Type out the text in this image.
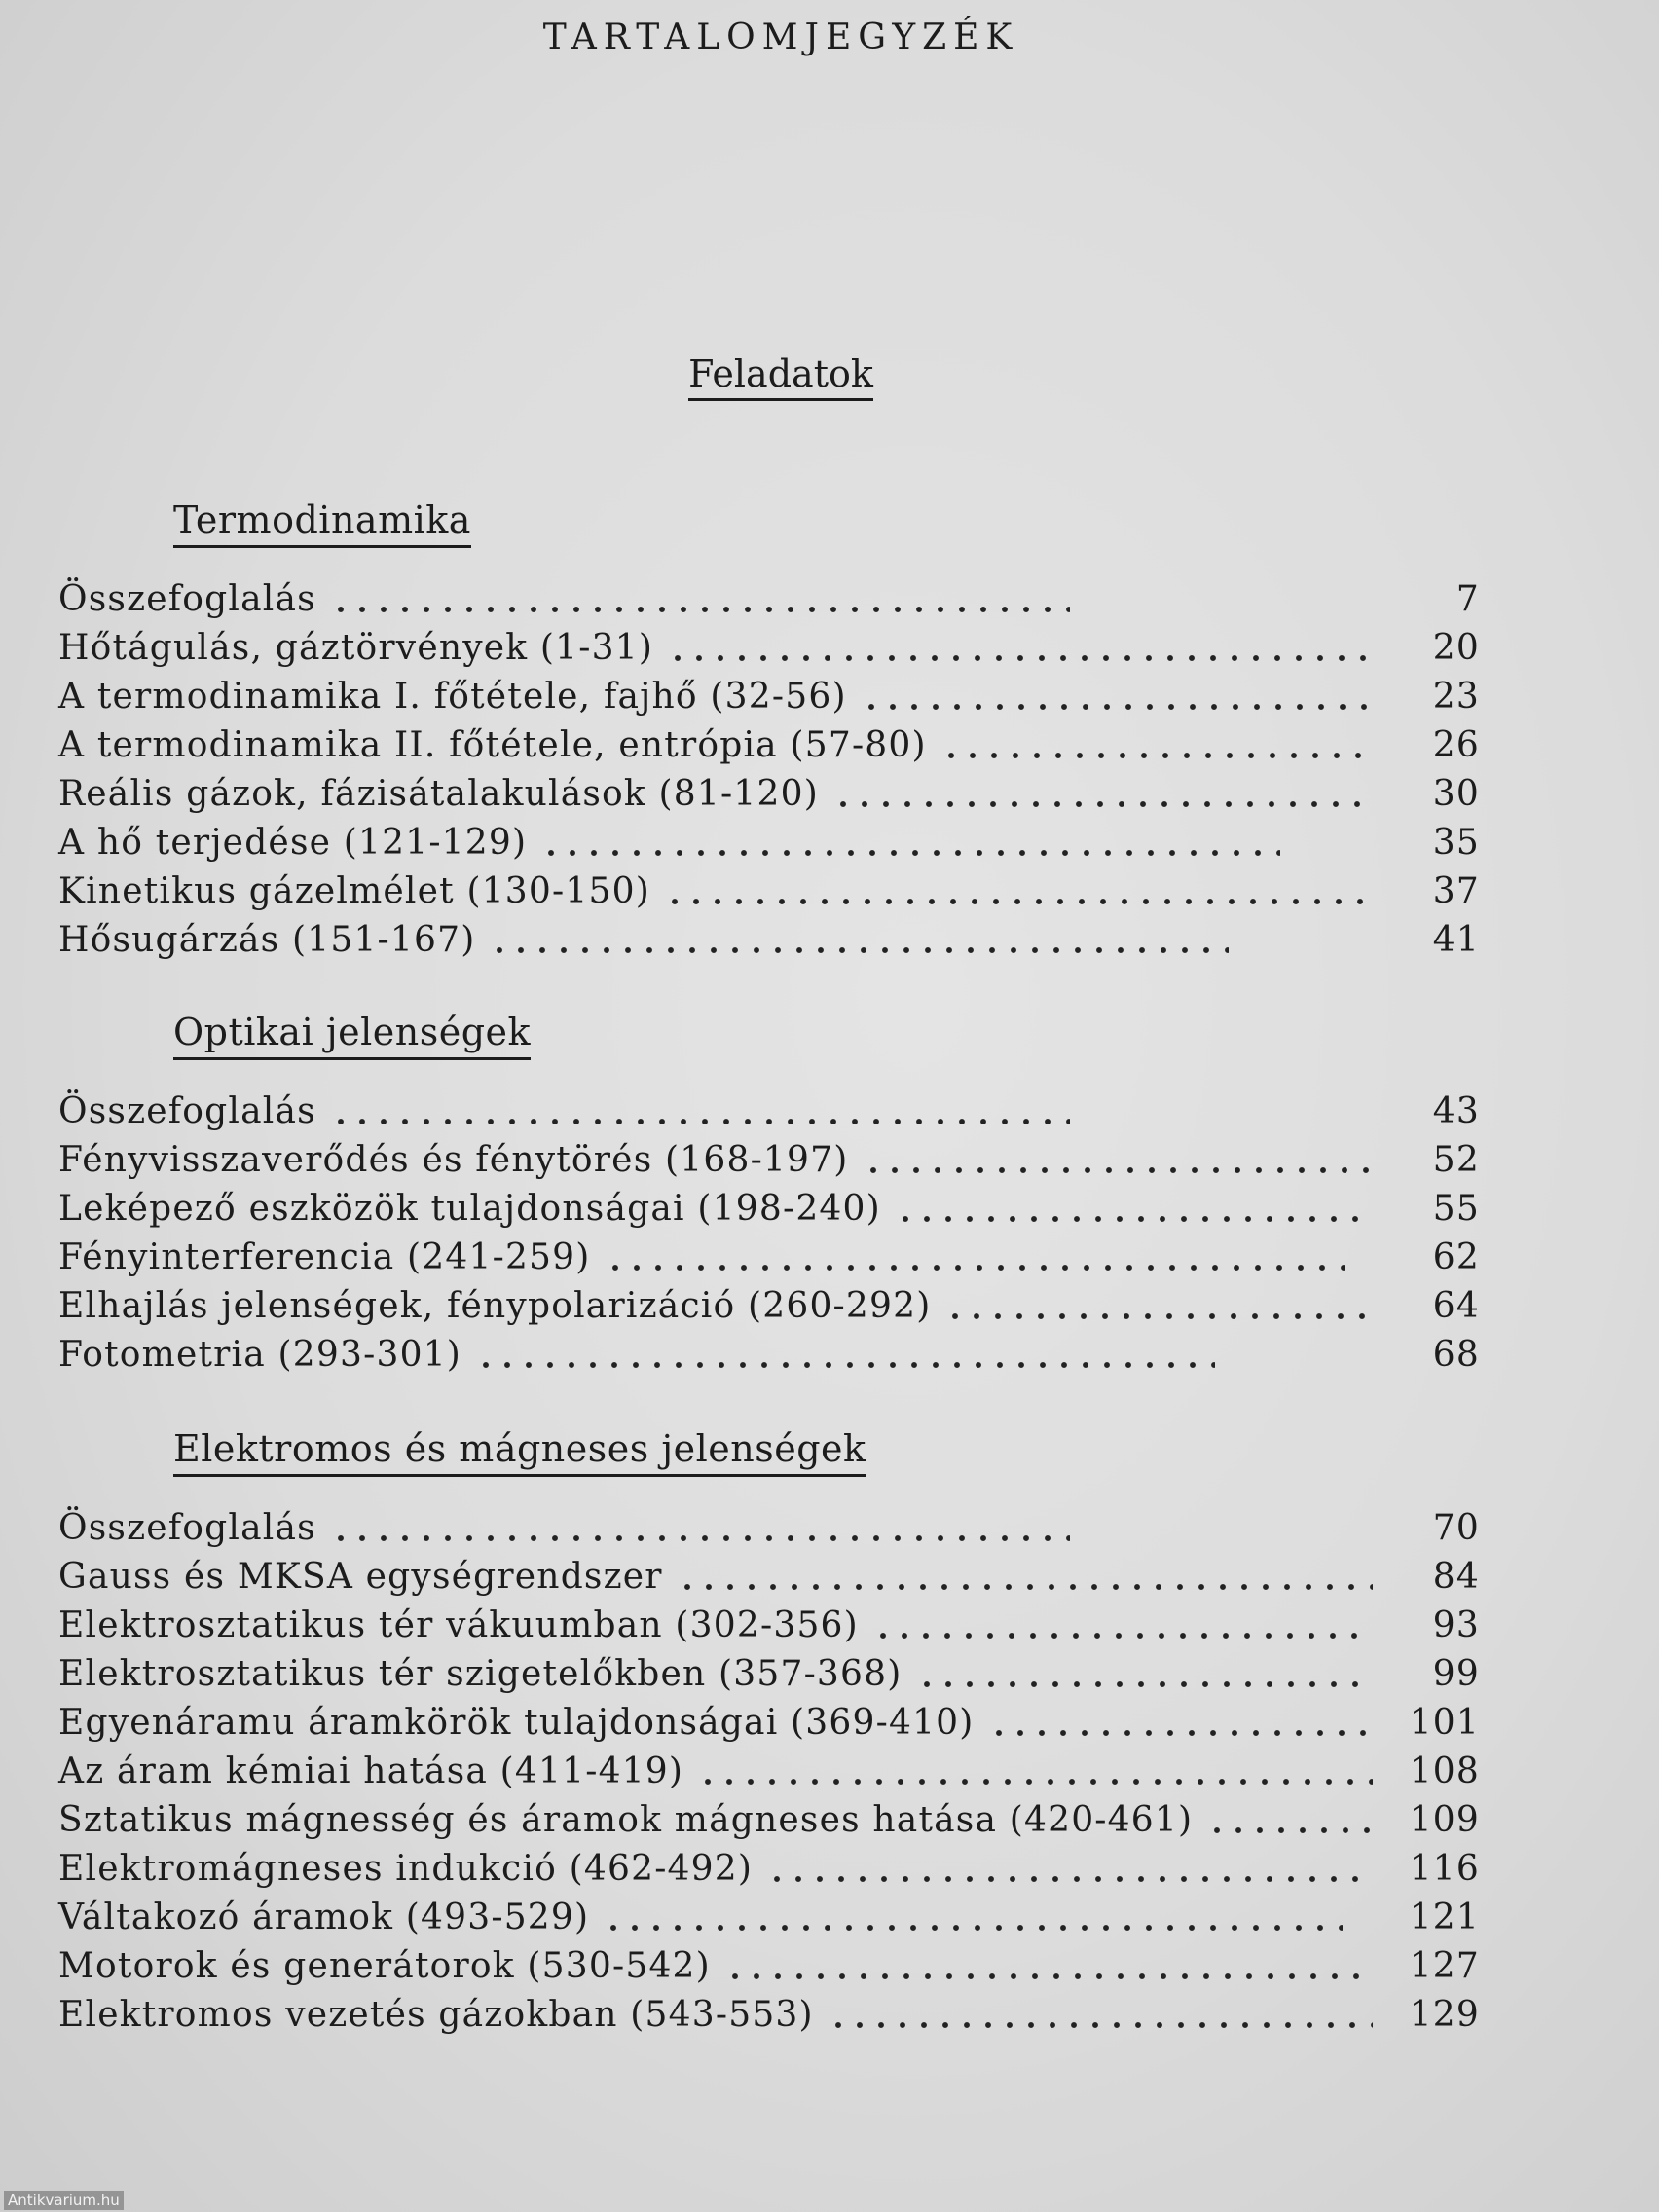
TARTALOMJEGYZÉK
Feladatok
Termodinamika
Összefoglalás	7
Hőtágulás, gáztörvények (1-31)	20
A termodinamika I. főtétele, fajhő (32-56)	23
A termodinamika II. főtétele, entrópia (57-80)	26
Reális gázok, fázisátalakulások (81-120)	30
A hő terjedése (121-129)	35
Kinetikus gázelmélet (130-150)	37
Hősugárzás (151-167)	41
Optikai jelenségek
Összefoglalás	43
Fényvisszaverődés és fénytörés (168-197)	52
Leképező eszközök tulajdonságai (198-240)	55
Fényinterferencia (241-259)	62
Elhajlás jelenségek, fénypolarizáció (260-292)	64
Fotometria (293-301)	68
Elektromos és mágneses jelenségek
Összefoglalás	70
Gauss és MKSA egységrendszer	84
Elektrosztatikus tér vákuumban (302-356)	93
Elektrosztatikus tér szigetelőkben (357-368)	99
Egyenáramu áramkörök tulajdonságai (369-410)	101
Az áram kémiai hatása (411-419)	108
Sztatikus mágnesség és áramok mágneses hatása (420-461)	109
Elektromágneses indukció (462-492)	116
Váltakozó áramok (493-529)	121
Motorok és generátorok (530-542)	127
Elektromos vezetés gázokban (543-553)	129
Antikvarium.hu
